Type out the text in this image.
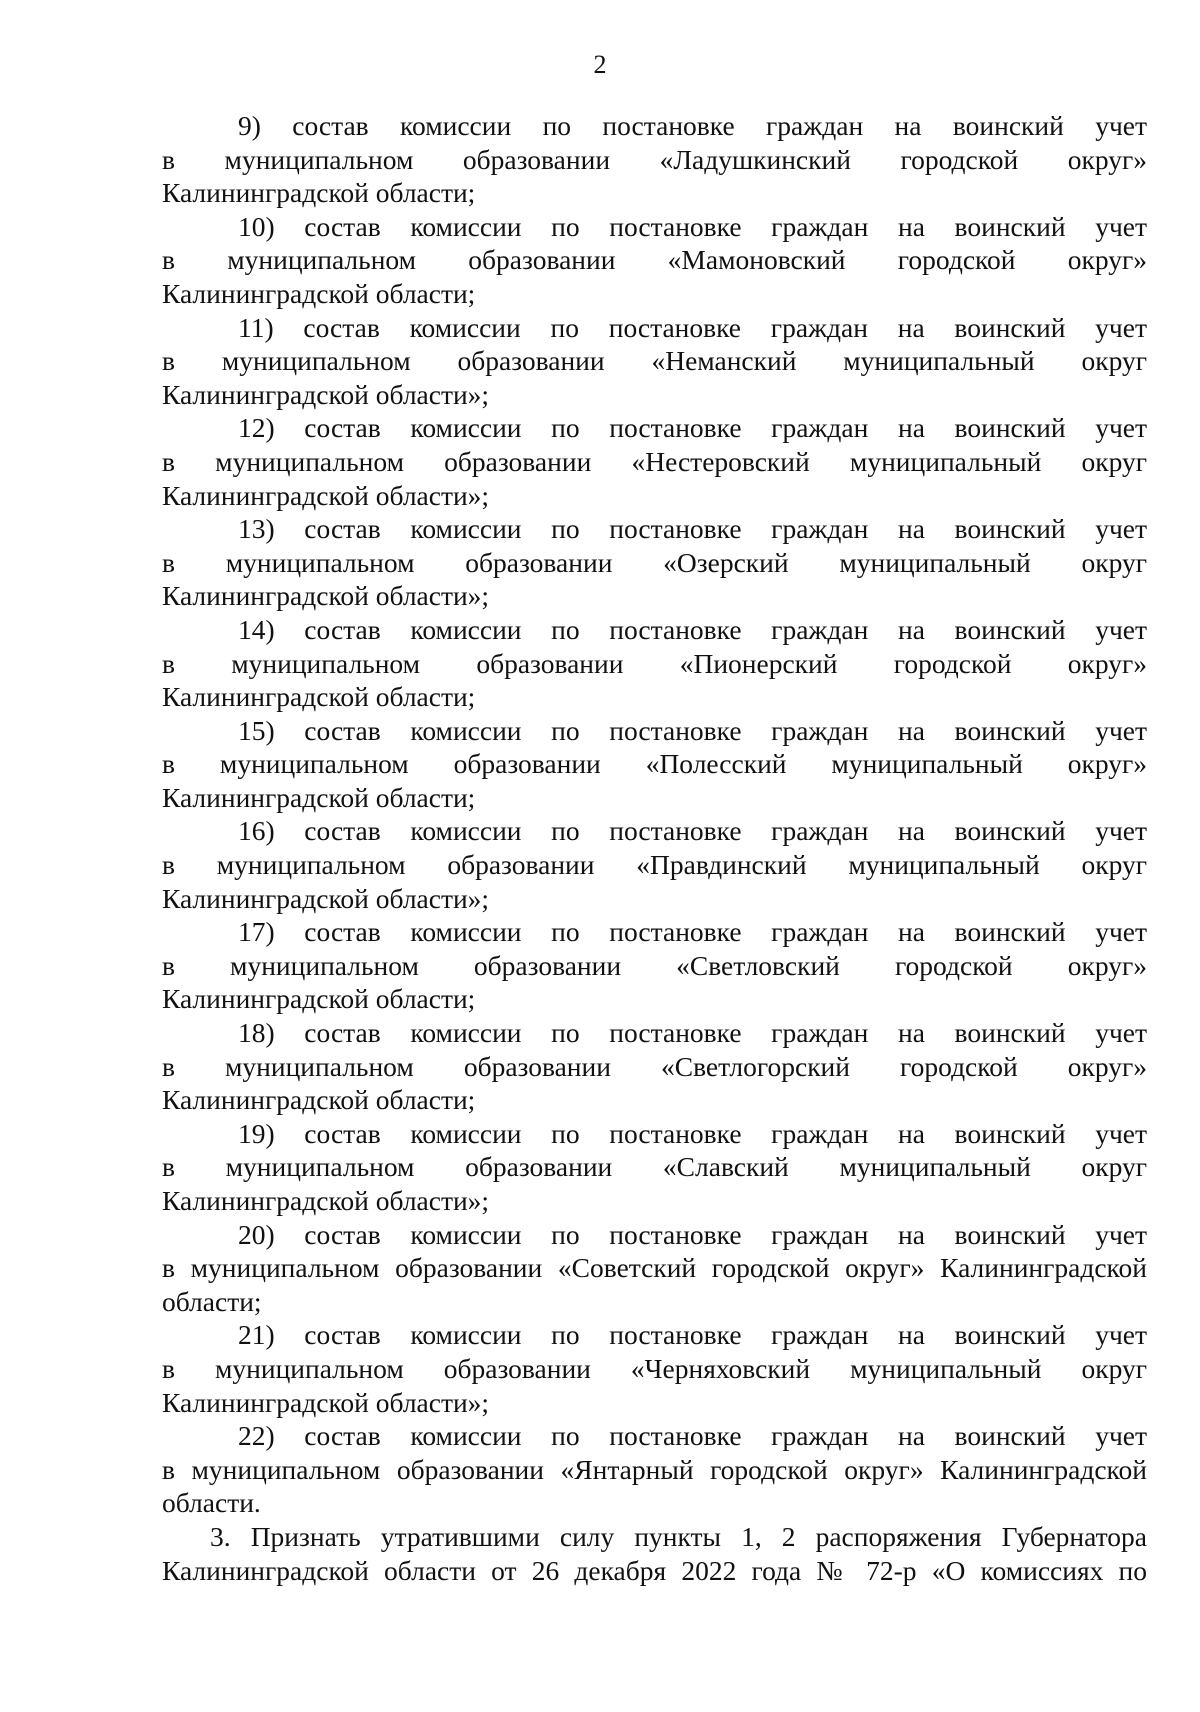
2
9) состав комиссии по постановке граждан на воинский учет
в муниципальном образовании «Ладушкинский городской округ»
Калининградской области;
10) состав комиссии по постановке граждан на воинский учет
в муниципальном образовании «Мамоновский городской округ»
Калининградской области;
11) состав комиссии по постановке граждан на воинский учет
в муниципальном образовании «Неманский муниципальный округ
Калининградской области»;
12) состав комиссии по постановке граждан на воинский учет
в муниципальном образовании «Нестеровский муниципальный округ
Калининградской области»;
13) состав комиссии по постановке граждан на воинский учет
в муниципальном образовании «Озерский муниципальный округ
Калининградской области»;
14) состав комиссии по постановке граждан на воинский учет
в муниципальном образовании «Пионерский городской округ»
Калининградской области;
15) состав комиссии по постановке граждан на воинский учет
в муниципальном образовании «Полесский муниципальный округ»
Калининградской области;
16) состав комиссии по постановке граждан на воинский учет
в муниципальном образовании «Правдинский муниципальный округ
Калининградской области»;
17) состав комиссии по постановке граждан на воинский учет
в муниципальном образовании «Светловский городской округ»
Калининградской области;
18) состав комиссии по постановке граждан на воинский учет
в муниципальном образовании «Светлогорский городской округ»
Калининградской области;
19) состав комиссии по постановке граждан на воинский учет
в муниципальном образовании «Славский муниципальный округ
Калининградской области»;
20) состав комиссии по постановке граждан на воинский учет
в муниципальном образовании «Советский городской округ» Калининградской
области;
21) состав комиссии по постановке граждан на воинский учет
в муниципальном образовании «Черняховский муниципальный округ
Калининградской области»;
22) состав комиссии по постановке граждан на воинский учет
в муниципальном образовании «Янтарный городской округ» Калининградской
области.
3. Признать утратившими силу пункты 1, 2 распоряжения Губернатора
Калининградской области от 26 декабря 2022 года № 72-р «О комиссиях по
